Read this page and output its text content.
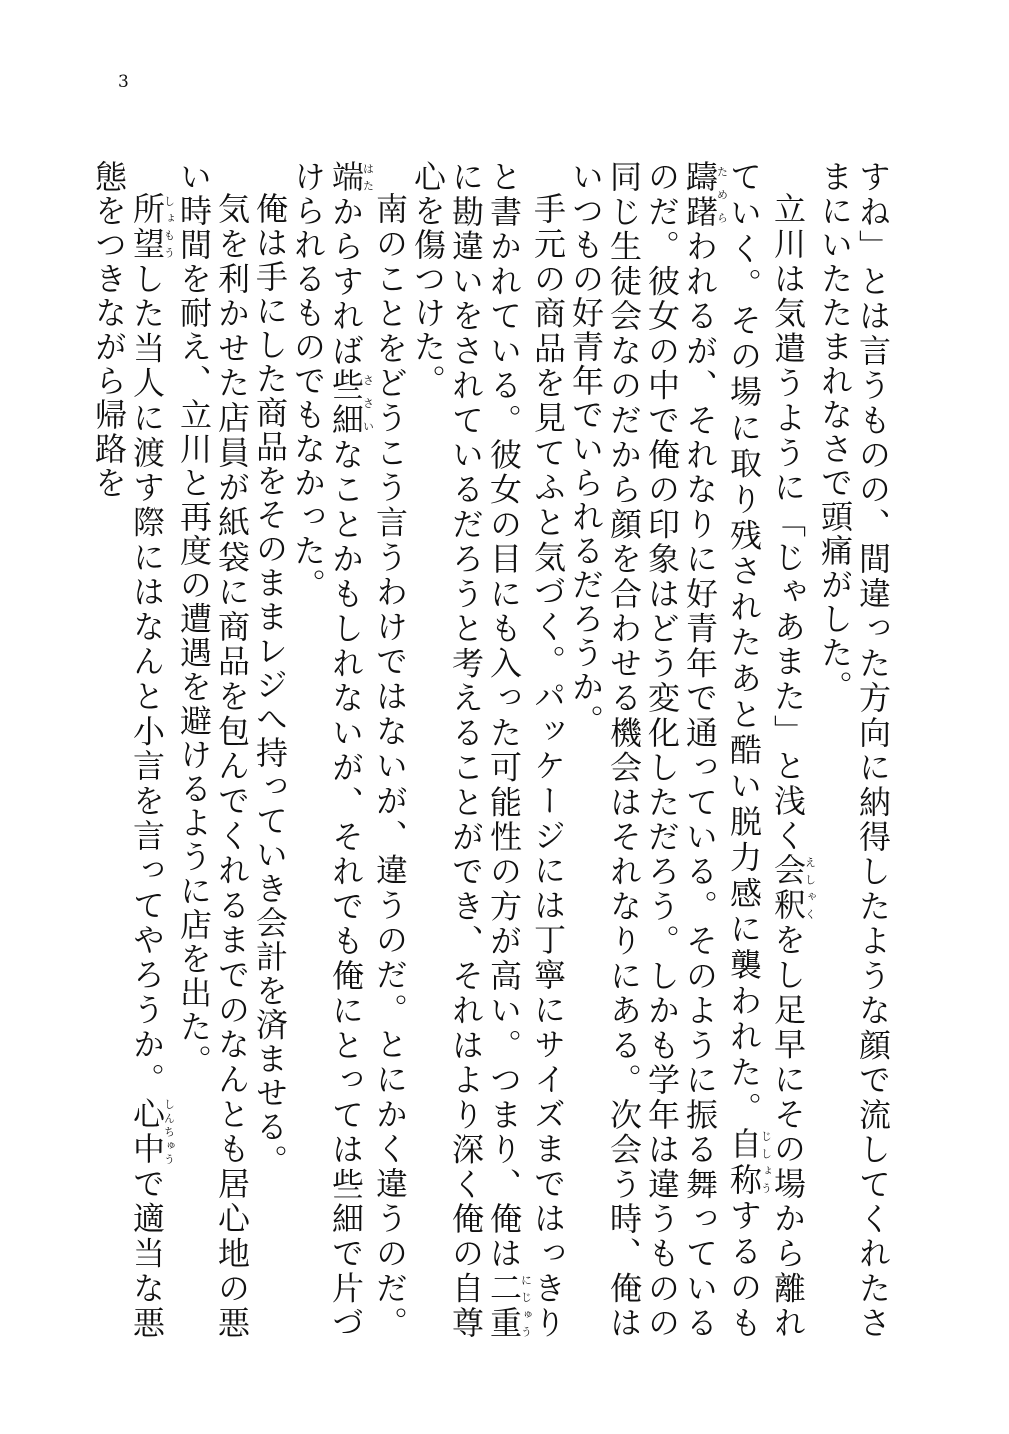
3

すね」とは言うものの、間違った方向に納得したような顔で流してくれたさまにいたたまれなさで頭痛がした。

立川は気遣うように「じゃあまた」と浅く会釈えしゃくをし足早にその場から離れていく。その場に取り残されたあと酷い脱力感に襲われた。自称じしょうするのも躊躇ためらわれるが、それなりに好青年で通っている。そのように振る舞っているのだ。彼女の中で俺の印象はどう変化しただろう。しかも学年は違うものの同じ生徒会なのだから顔を合わせる機会はそれなりにある。次会う時、俺はいつもの好青年でいられるだろうか。

手元の商品を見てふと気づく。パッケージには丁寧にサイズまではっきりと書かれている。彼女の目にも入った可能性の方が高い。つまり、俺は二重にじゅうに勘違いをされているだろうと考えることができ、それはより深く俺の自尊心を傷つけた。

南のことをどうこう言うわけではないが、違うのだ。とにかく違うのだ。端はたからすれば些細ささいなことかもしれないが、それでも俺にとっては些細で片づけられるものでもなかった。

俺は手にした商品をそのままレジへ持っていき会計を済ませる。

気を利かせた店員が紙袋に商品を包んでくれるまでのなんとも居心地の悪い時間を耐え、立川と再度の遭遇を避けるように店を出た。

所望しょもうした当人に渡す際にはなんと小言を言ってやろうか。心中しんちゅうで適当な悪態をつきながら帰路を
